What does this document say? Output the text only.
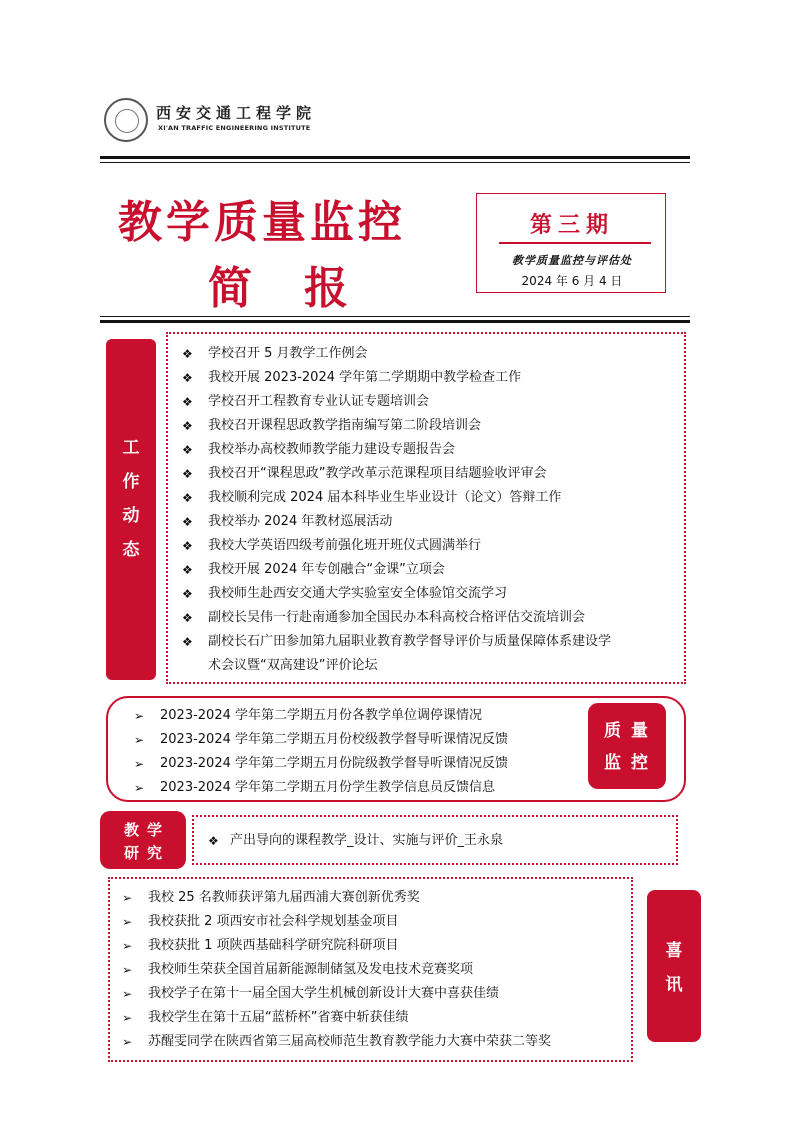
西安交通工程学院
XI'AN TRAFFIC ENGINEERING INSTITUTE
教学质量监控
简报
第三期
教学质量监控与评估处
2024 年 6 月 4 日
工
作
动
态
❖ 学校召开 5 月教学工作例会
❖ 我校开展 2023-2024 学年第二学期期中教学检查工作
❖ 学校召开工程教育专业认证专题培训会
❖ 我校召开课程思政教学指南编写第二阶段培训会
❖ 我校举办高校教师教学能力建设专题报告会
❖ 我校召开“课程思政”教学改革示范课程项目结题验收评审会
❖ 我校顺利完成 2024 届本科毕业生毕业设计（论文）答辩工作
❖ 我校举办 2024 年教材巡展活动
❖ 我校大学英语四级考前强化班开班仪式圆满举行
❖ 我校开展 2024 年专创融合“金课”立项会
❖ 我校师生赴西安交通大学实验室安全体验馆交流学习
❖ 副校长吴伟一行赴南通参加全国民办本科高校合格评估交流培训会
❖ 副校长石广田参加第九届职业教育教学督导评价与质量保障体系建设学
术会议暨“双高建设”评价论坛
➢ 2023-2024 学年第二学期五月份各教学单位调停课情况
➢ 2023-2024 学年第二学期五月份校级教学督导听课情况反馈
➢ 2023-2024 学年第二学期五月份院级教学督导听课情况反馈
➢ 2023-2024 学年第二学期五月份学生教学信息员反馈信息
质量
监控
教学
研究
❖ 产出导向的课程教学_设计、实施与评价_王永泉
➢ 我校 25 名教师获评第九届西浦大赛创新优秀奖
➢ 我校获批 2 项西安市社会科学规划基金项目
➢ 我校获批 1 项陕西基础科学研究院科研项目
➢ 我校师生荣获全国首届新能源制储氢及发电技术竞赛奖项
➢ 我校学子在第十一届全国大学生机械创新设计大赛中喜获佳绩
➢ 我校学生在第十五届“蓝桥杯”省赛中斩获佳绩
➢ 苏醒雯同学在陕西省第三届高校师范生教育教学能力大赛中荣获二等奖
喜
讯
